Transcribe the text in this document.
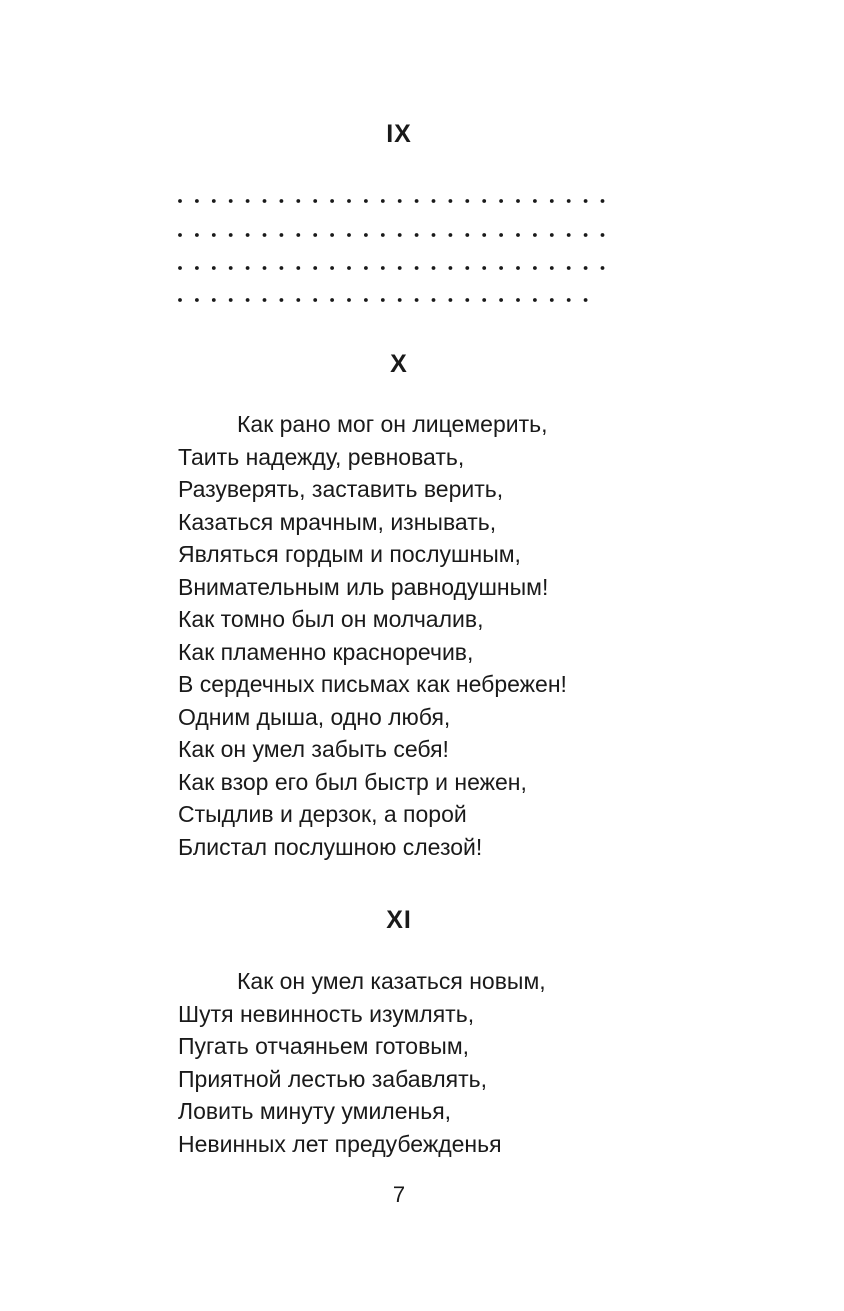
IX
X
Как рано мог он лицемерить,
Таить надежду, ревновать,
Разуверять, заставить верить,
Казаться мрачным, изнывать,
Являться гордым и послушным,
Внимательным иль равнодушным!
Как томно был он молчалив,
Как пламенно красноречив,
В сердечных письмах как небрежен!
Одним дыша, одно любя,
Как он умел забыть себя!
Как взор его был быстр и нежен,
Стыдлив и дерзок, а порой
Блистал послушною слезой!
XI
Как он умел казаться новым,
Шутя невинность изумлять,
Пугать отчаяньем готовым,
Приятной лестью забавлять,
Ловить минуту умиленья,
Невинных лет предубежденья
7
